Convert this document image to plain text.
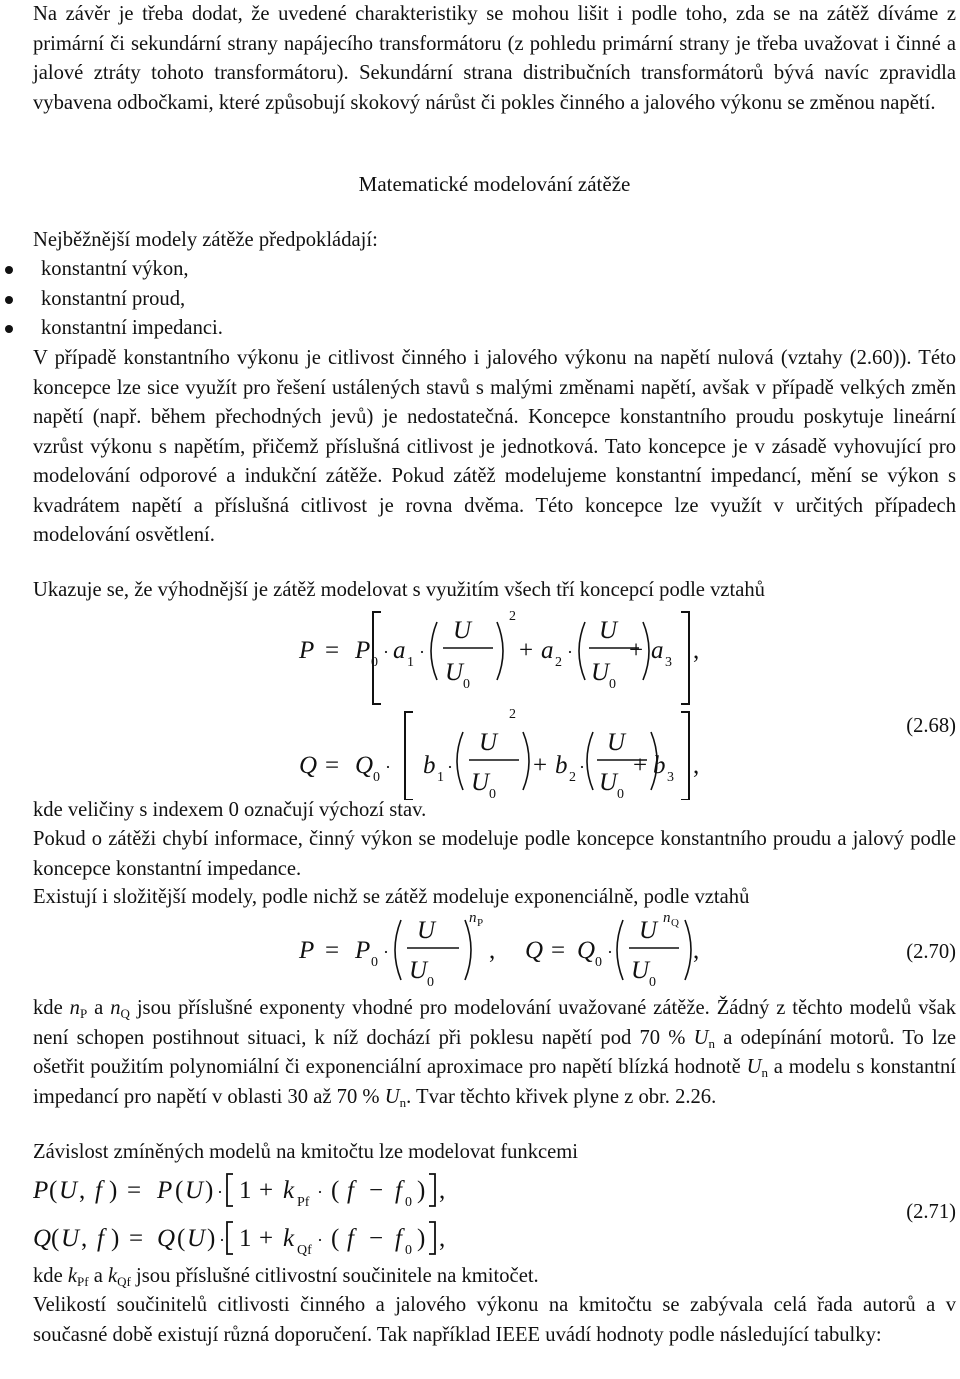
Na závěr je třeba dodat, že uvedené charakteristiky se mohou lišit i podle toho, zda se na zátěž díváme z primární či sekundární strany napájecího transformátoru (z pohledu primární strany je třeba uvažovat i činné a jalové ztráty tohoto transformátoru). Sekundární strana distribučních transformátorů bývá navíc zpravidla vybavena odbočkami, které způsobují skokový nárůst či pokles činného a jalového výkonu se změnou napětí.

Matematické modelování zátěže

Nejběžnější modely zátěže předpokládají:

konstantní výkon,
konstantní proud,
konstantní impedanci.

V případě konstantního výkonu je citlivost činného i jalového výkonu na napětí nulová (vztahy (2.60)). Této koncepce lze sice využít pro řešení ustálených stavů s malými změnami napětí, avšak v případě velkých změn napětí (např. během přechodných jevů) je nedostatečná. Koncepce konstantního proudu poskytuje lineární vzrůst výkonu s napětím, přičemž příslušná citlivost je jednotková. Tato koncepce je v zásadě vyhovující pro modelování odporové a indukční zátěže. Pokud zátěž modelujeme konstantní impedancí, mění se výkon s kvadrátem napětí a příslušná citlivost je rovna dvěma. Této koncepce lze využít v určitých případech modelování osvětlení.

Ukazuje se, že výhodnější je zátěž modelovat s využitím všech tří koncepcí podle vztahů

P = P 0
· a 1
·
U
U 0
2
+ a 2
·
U
U 0
+ a 3 ,
Q = Q 0
· b 1
·
U
U 0
2
+ b 2
·
U
U 0
+ b 3 ,
(2.68)

kde veličiny s indexem 0 označují výchozí stav.

Pokud o zátěži chybí informace, činný výkon se modeluje podle koncepce konstantního proudu a jalový podle koncepce konstantní impedance.

Existují i složitější modely, podle nichž se zátěž modeluje exponenciálně, podle vztahů

P = P 0
·
U
U 0
n P
, Q = Q 0
·
U
U 0
n Q
,	(2.70)

kde $n_P$ a $n_Q$ jsou příslušné exponenty vhodné pro modelování uvažované zátěže. Žádný z těchto modelů však není schopen postihnout situaci, k níž dochází při poklesu napětí pod 70 % $U_n$ a odepínání motorů. To lze ošetřit použitím polynomiální či exponenciální aproximace pro napětí blízká hodnotě $U_n$ a modelu s konstantní impedancí pro napětí v oblasti 30 až 70 % $U_n$. Tvar těchto křivek plyne z obr. 2.26.

Závislost zmíněných modelů na kmitočtu lze modelovat funkcemi

P ( U , f ) = P ( U ) · 1 + k Pf
· ( f − f 0 ) ,
Q ( U , f ) = Q ( U ) · 1 + k Qf
· ( f − f 0 ) ,
(2.71)

kde $k_{Pf}$ a $k_{Qf}$ jsou příslušné citlivostní součinitele na kmitočet.

Velikostí součinitelů citlivosti činného a jalového výkonu na kmitočtu se zabývala celá řada autorů a v současné době existují různá doporučení. Tak například IEEE uvádí hodnoty podle následující tabulky:
